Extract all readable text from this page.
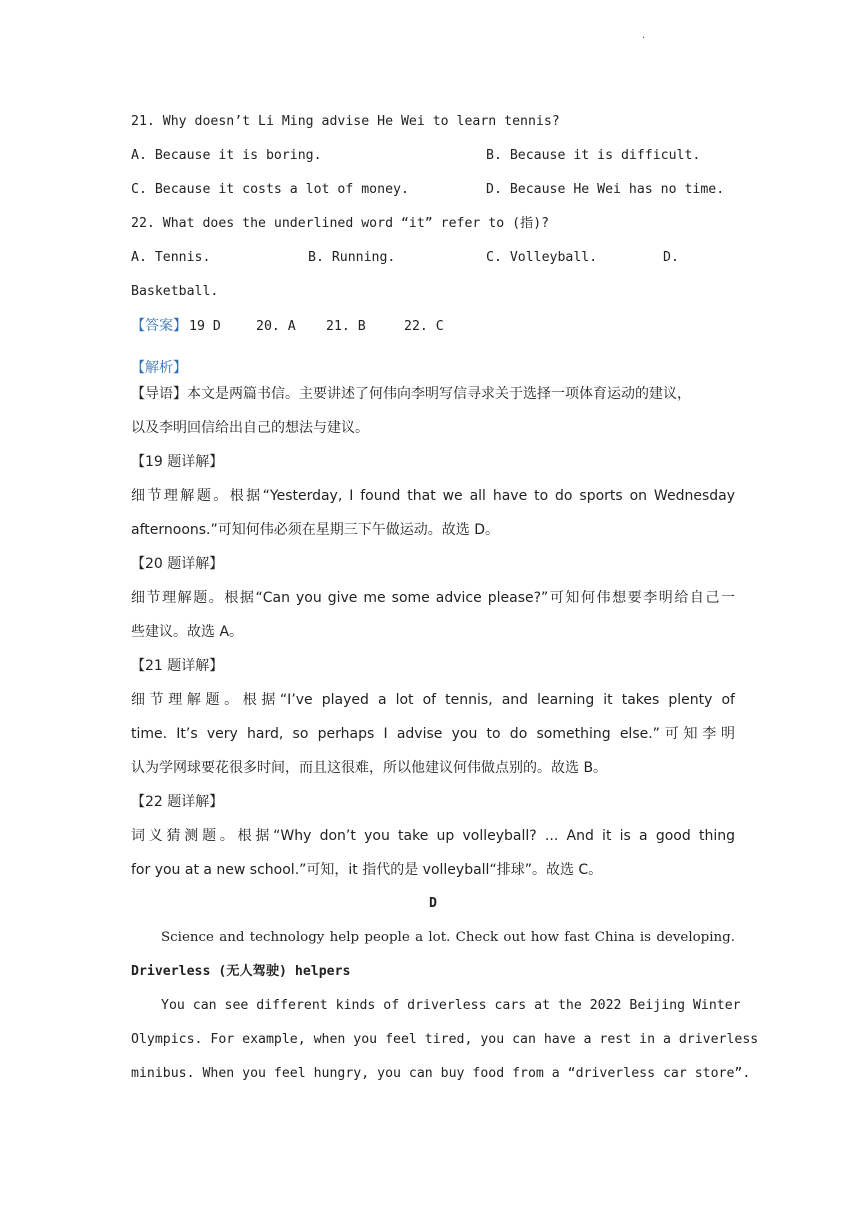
.
21. Why doesn’t Li Ming advise He Wei to learn tennis?
A. Because it is boring.	B. Because it is difficult.
C. Because it costs a lot of money.	D. Because He Wei has no time.
22. What does the underlined word “it” refer to (指)?
A. Tennis.	B. Running.	C. Volleyball.	D.
Basketball.
【答案】 19 D	20. A 21. B	22. C
【解析】
【导语】本文是两篇书信。主要讲述了何伟向李明写信寻求关于选择一项体育运动的建议，
以及李明回信给出自己的想法与建议。
【19 题详解】
细节理解题。根据“Yesterday, I found that we all have to do sports on Wednesday
afternoons.”可知何伟必须在星期三下午做运动。故选 D。
【20 题详解】
细节理解题。根据“Can you give me some advice please?”可知何伟想要李明给自己一
些建议。故选 A。
【21 题详解】
细节理解题。根据“I’ve played a lot of tennis, and learning it takes plenty of
time. It’s very hard, so perhaps I advise you to do something else.”可知李明
认为学网球要花很多时间，而且这很难，所以他建议何伟做点别的。故选 B。
【22 题详解】
词义猜测题。根据“Why don’t you take up volleyball? ... And it is a good thing
for you at a new school.”可知，it 指代的是 volleyball“排球”。故选 C。
D
Science and technology help people a lot. Check out how fast China is developing.
Driverless (无人驾驶) helpers
You can see different kinds of driverless cars at the 2022 Beijing Winter
Olympics. For example, when you feel tired, you can have a rest in a driverless
minibus. When you feel hungry, you can buy food from a “driverless car store”.
